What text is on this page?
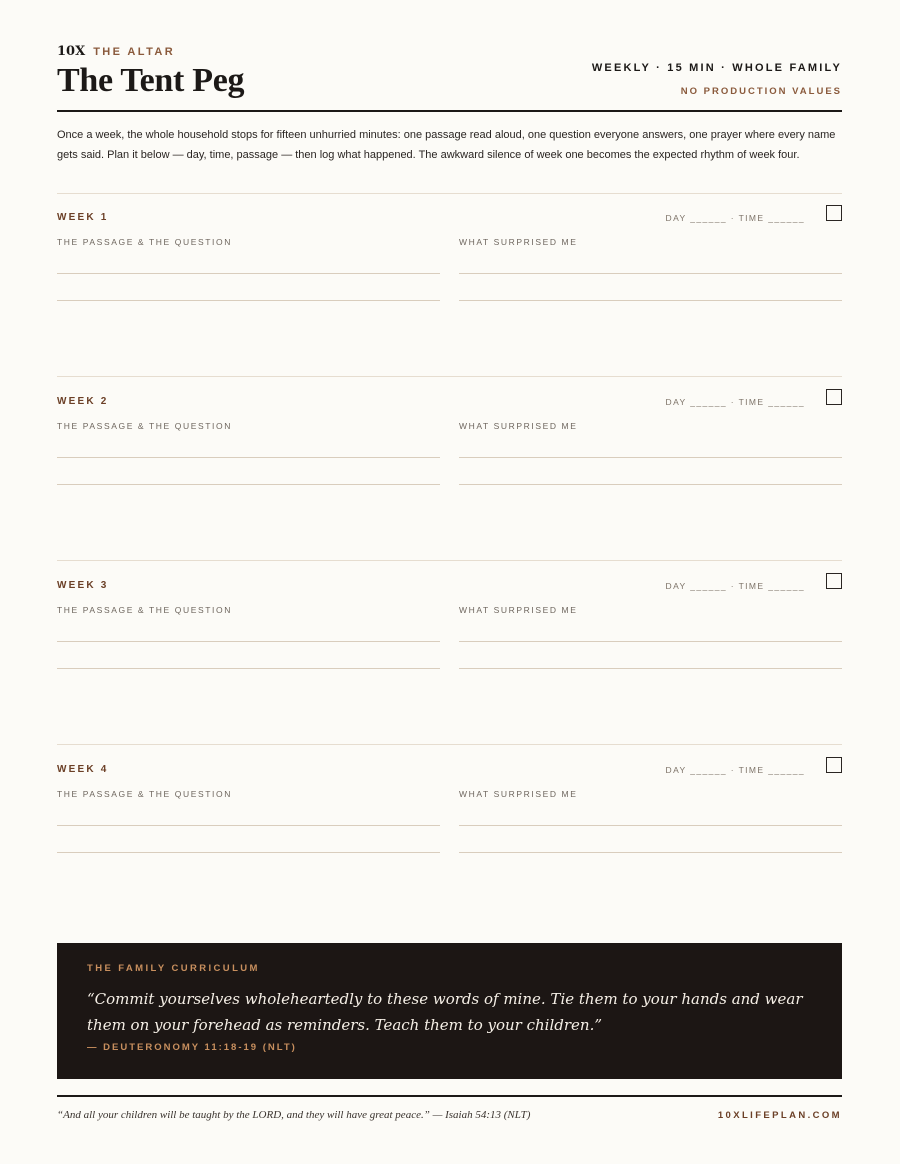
10X THE ALTAR
The Tent Peg	WEEKLY · 15 MIN · WHOLE FAMILY
NO PRODUCTION VALUES

Once a week, the whole household stops for fifteen unhurried minutes: one passage read aloud, one question everyone answers, one prayer where every name gets said. Plan it below — day, time, passage — then log what happened. The awkward silence of week one becomes the expected rhythm of week four.

WEEK 1	DAY ______ · TIME ______
THE PASSAGE & THE QUESTION	WHAT SURPRISED ME
WEEK 2	DAY ______ · TIME ______
THE PASSAGE & THE QUESTION	WHAT SURPRISED ME
WEEK 3	DAY ______ · TIME ______
THE PASSAGE & THE QUESTION	WHAT SURPRISED ME
WEEK 4	DAY ______ · TIME ______
THE PASSAGE & THE QUESTION	WHAT SURPRISED ME
THE FAMILY CURRICULUM
“Commit yourselves wholeheartedly to these words of mine. Tie them to your hands and wear them on your forehead as reminders. Teach them to your children.”
— DEUTERONOMY 11:18-19 (NLT)
“And all your children will be taught by the LORD, and they will have great peace.” — Isaiah 54:13 (NLT)	10XLIFEPLAN.COM
